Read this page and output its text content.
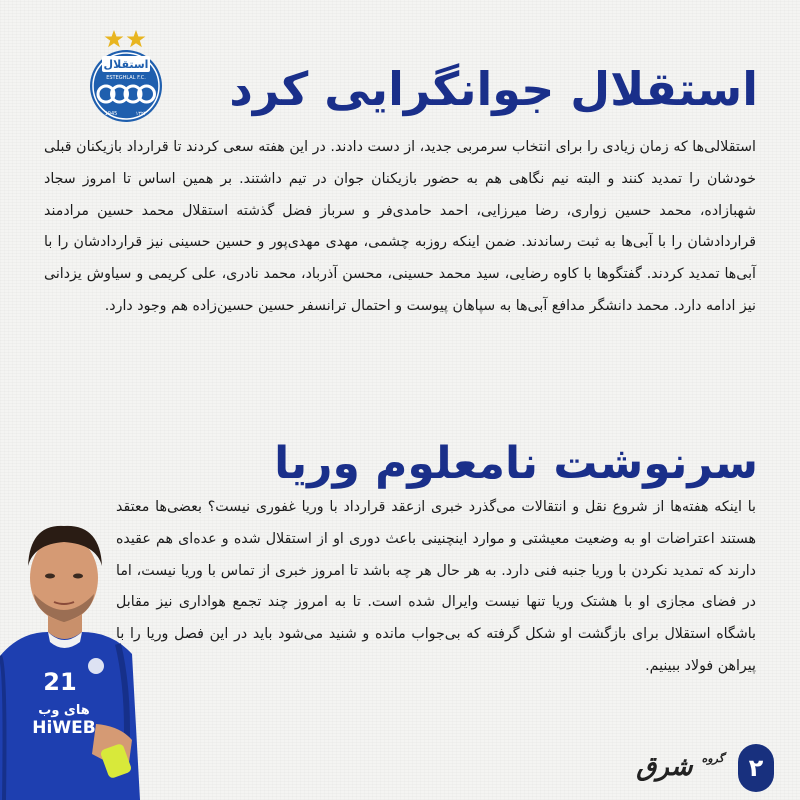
استقلال
ESTEGHLAL F.C.
1945	۱۳۲۴ استقلال جوانگرایی کرد

استقلالی‌ها که زمان زیادی را برای انتخاب سرمربی جدید، از دست دادند. در این هفته سعی کردند تا قرارداد بازیکنان قبلی خودشان را تمدید کنند و البته نیم نگاهی هم به حضور بازیکنان جوان در تیم داشتند. بر همین اساس تا امروز سجاد شهبازاده، محمد حسین زواری، رضا میرزایی، احمد حامدی‌فر و سرباز فضل گذشته استقلال محمد حسین مرادمند قراردادشان را با آبی‌ها به ثبت رساندند. ضمن اینکه روزبه چشمی، مهدی مهدی‌پور و حسین حسینی نیز قراردادشان را با آبی‌ها تمدید کردند. گفتگوها با کاوه رضایی، سید محمد حسینی، محسن آذرباد، محمد نادری، علی کریمی و سیاوش یزدانی نیز ادامه دارد. محمد دانشگر مدافع آبی‌ها به سپاهان پیوست و احتمال ترانسفر حسین حسین‌زاده هم وجود دارد.

سرنوشت نامعلوم وریا

با اینکه هفته‌ها از شروع نقل و انتقالات می‌گذرد خبری ازعقد قرارداد با وریا غفوری نیست؟ بعضی‌ها معتقد هستند اعتراضات او به وضعیت معیشتی و موارد اینچنینی باعث دوری او از استقلال شده و عده‌ای هم عقیده دارند که تمدید نکردن با وریا جنبه فنی دارد. به هر حال هر چه باشد تا امروز خبری از تماس با وریا نیست، اما در فضای مجازی او با هشتک وریا تنها نیست وایرال شده است. تا به امروز چند تجمع هواداری نیز مقابل باشگاه استقلال برای بازگشت او شکل گرفته که بی‌جواب مانده و شنید می‌شود باید در این فصل وریا را با پیراهن فولاد ببینیم.

21
های وب
HiWEB
۲
$^{گروه}$ شرق
